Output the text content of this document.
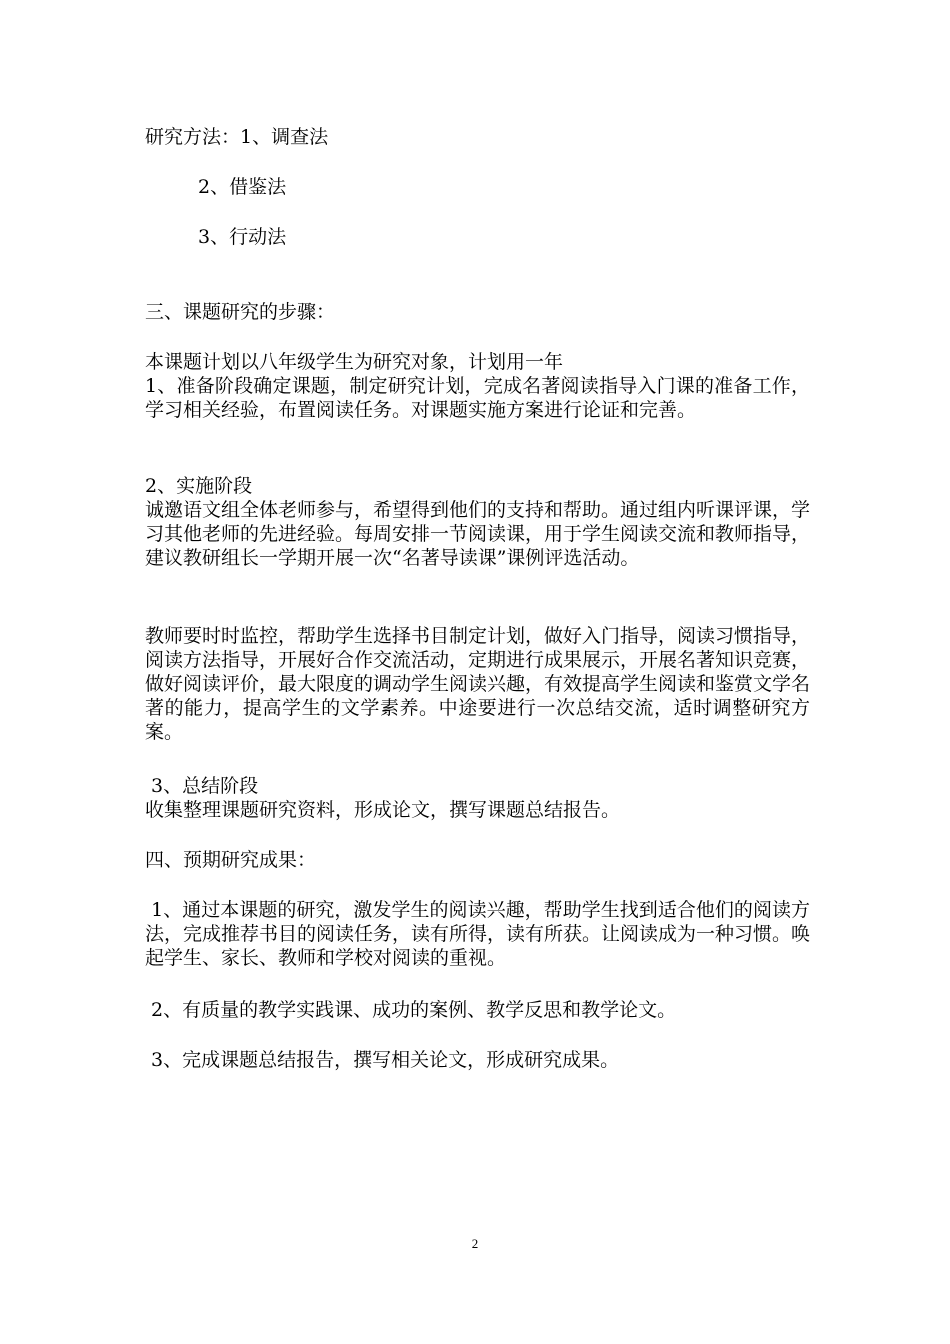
研究方法：1、调查法
2、借鉴法
3、行动法
三、课题研究的步骤：
本课题计划以八年级学生为研究对象，计划用一年

1、准备阶段确定课题，制定研究计划，完成名著阅读指导入门课的准备工作，学习相关经验，布置阅读任务。对课题实施方案进行论证和完善。

2、实施阶段

诚邀语文组全体老师参与，希望得到他们的支持和帮助。通过组内听课评课，学习其他老师的先进经验。每周安排一节阅读课，用于学生阅读交流和教师指导，建议教研组长一学期开展一次“名著导读课”课例评选活动。

教师要时时监控，帮助学生选择书目制定计划，做好入门指导，阅读习惯指导，阅读方法指导，开展好合作交流活动，定期进行成果展示，开展名著知识竞赛，做好阅读评价，最大限度的调动学生阅读兴趣，有效提高学生阅读和鉴赏文学名著的能力，提高学生的文学素养。中途要进行一次总结交流，适时调整研究方案。

3、总结阶段
收集整理课题研究资料，形成论文，撰写课题总结报告。
四、预期研究成果：

1、通过本课题的研究，激发学生的阅读兴趣，帮助学生找到适合他们的阅读方法，完成推荐书目的阅读任务，读有所得，读有所获。让阅读成为一种习惯。唤起学生、家长、教师和学校对阅读的重视。

2、有质量的教学实践课、成功的案例、教学反思和教学论文。
3、完成课题总结报告，撰写相关论文，形成研究成果。
2
